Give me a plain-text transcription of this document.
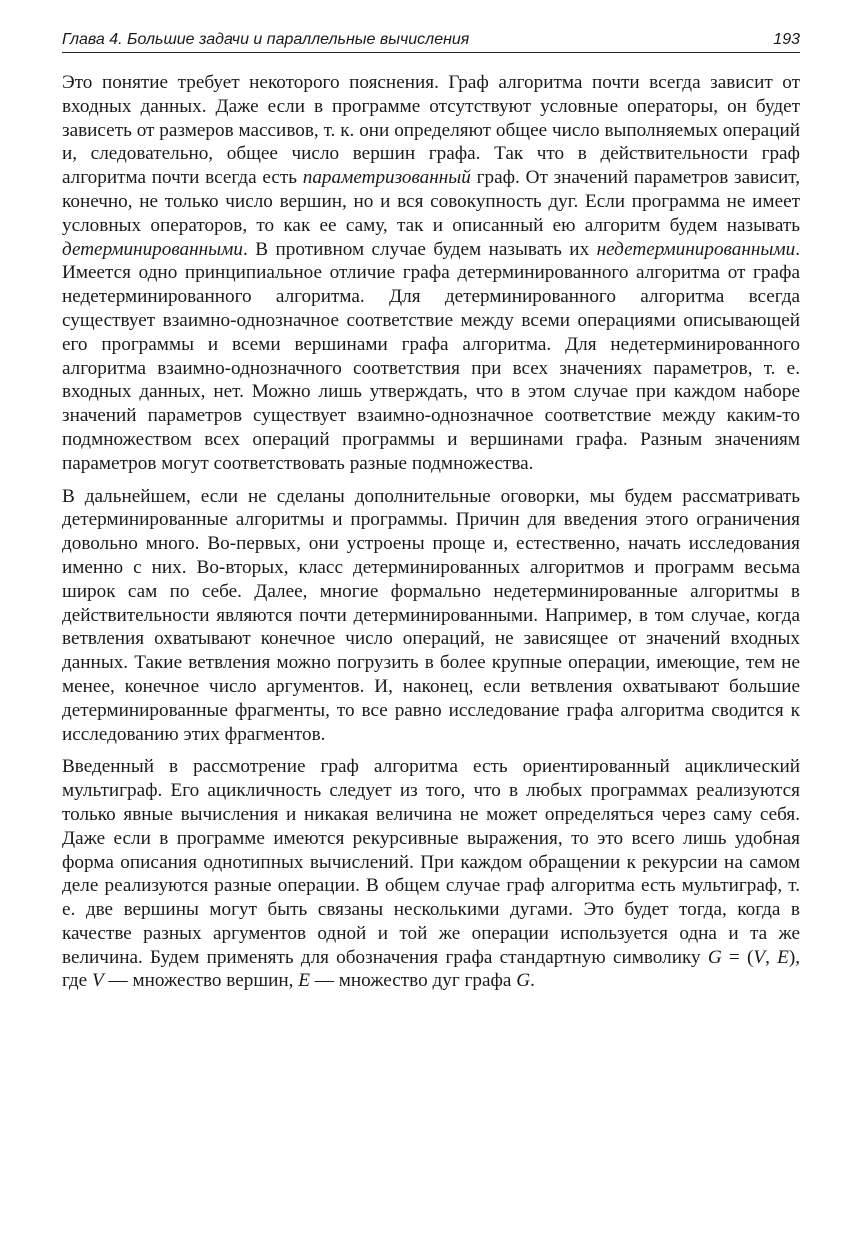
Глава 4. Большие задачи и параллельные вычисления	193

Это понятие требует некоторого пояснения. Граф алгоритма почти всегда зависит от входных данных. Даже если в программе отсутствуют условные операторы, он будет зависеть от размеров массивов, т. к. они определяют общее число выполняемых операций и, следовательно, общее число вершин графа. Так что в действительности граф алгоритма почти всегда есть параметризованный граф. От значений параметров зависит, конечно, не только число вершин, но и вся совокупность дуг. Если программа не имеет условных операторов, то как ее саму, так и описанный ею алгоритм будем называть детерминированными. В противном случае будем называть их недетерминированными. Имеется одно принципиальное отличие графа детерминированного алгоритма от графа недетерминированного алгоритма. Для детерминированного алгоритма всегда существует взаимно-однозначное соответствие между всеми операциями описывающей его программы и всеми вершинами графа алгоритма. Для недетерминированного алгоритма взаимно-однозначного соответствия при всех значениях параметров, т. е. входных данных, нет. Можно лишь утверждать, что в этом случае при каждом наборе значений параметров существует взаимно-однозначное соответствие между каким-то подмножеством всех операций программы и вершинами графа. Разным значениям параметров могут соответствовать разные подмножества.

В дальнейшем, если не сделаны дополнительные оговорки, мы будем рассматривать детерминированные алгоритмы и программы. Причин для введения этого ограничения довольно много. Во-первых, они устроены проще и, естественно, начать исследования именно с них. Во-вторых, класс детерминированных алгоритмов и программ весьма широк сам по себе. Далее, многие формально недетерминированные алгоритмы в действительности являются почти детерминированными. Например, в том случае, когда ветвления охватывают конечное число операций, не зависящее от значений входных данных. Такие ветвления можно погрузить в более крупные операции, имеющие, тем не менее, конечное число аргументов. И, наконец, если ветвления охватывают большие детерминированные фрагменты, то все равно исследование графа алгоритма сводится к исследованию этих фрагментов.

Введенный в рассмотрение граф алгоритма есть ориентированный ациклический мультиграф. Его ацикличность следует из того, что в любых программах реализуются только явные вычисления и никакая величина не может определяться через саму себя. Даже если в программе имеются рекурсивные выражения, то это всего лишь удобная форма описания однотипных вычислений. При каждом обращении к рекурсии на самом деле реализуются разные операции. В общем случае граф алгоритма есть мультиграф, т. е. две вершины могут быть связаны несколькими дугами. Это будет тогда, когда в качестве разных аргументов одной и той же операции используется одна и та же величина. Будем применять для обозначения графа стандартную символику G = (V, E), где V — множество вершин, E — множество дуг графа G.
